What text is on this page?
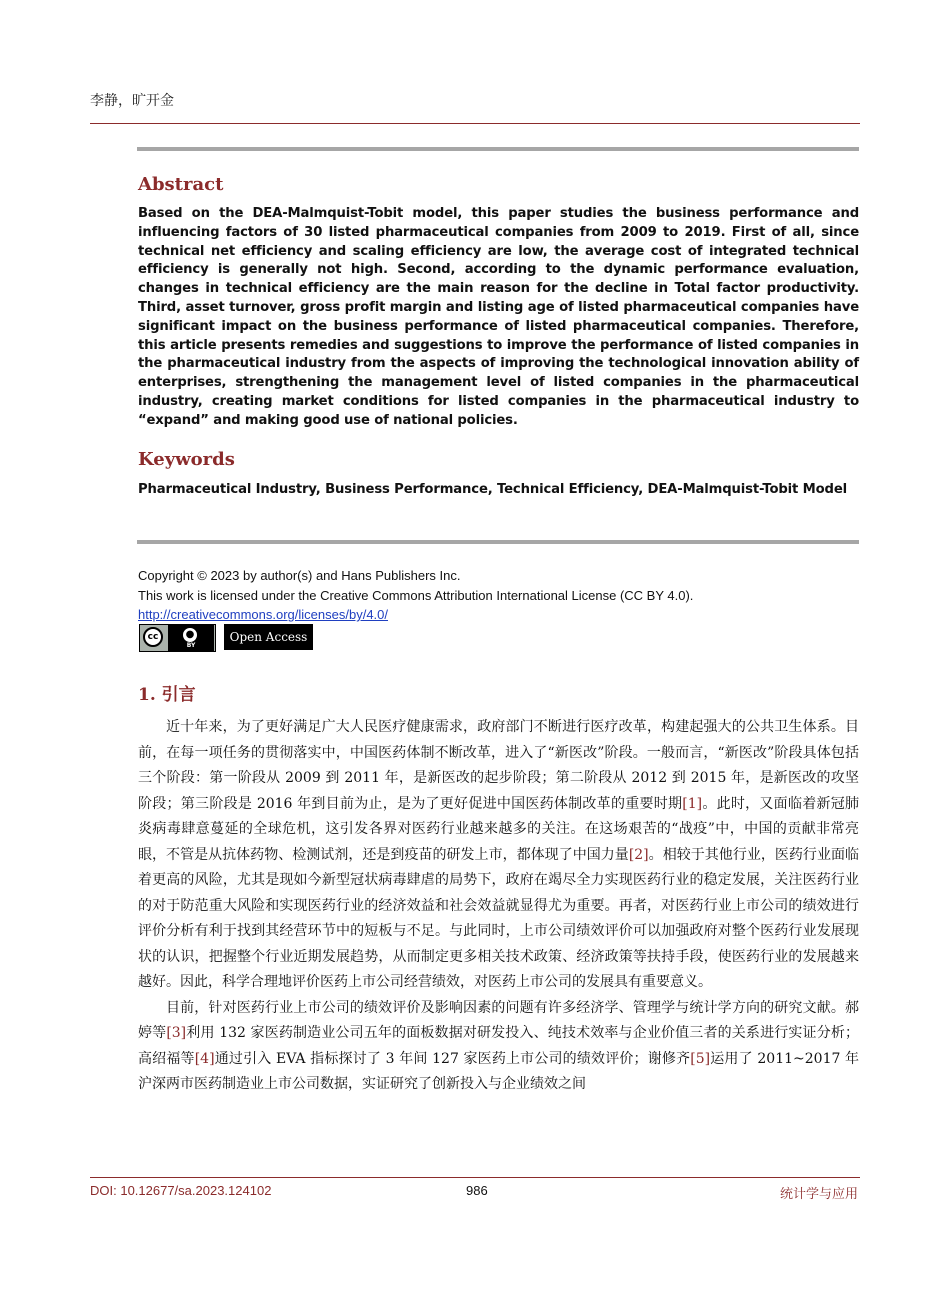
李静，旷开金
Abstract
Based on the DEA-Malmquist-Tobit model, this paper studies the business performance and influencing factors of 30 listed pharmaceutical companies from 2009 to 2019. First of all, since technical net efficiency and scaling efficiency are low, the average cost of integrated technical efficiency is generally not high. Second, according to the dynamic performance evaluation, changes in technical efficiency are the main reason for the decline in Total factor productivity. Third, asset turnover, gross profit margin and listing age of listed pharmaceutical companies have significant impact on the business performance of listed pharmaceutical companies. Therefore, this article presents remedies and suggestions to improve the performance of listed companies in the pharmaceutical industry from the aspects of improving the technological innovation ability of enterprises, strengthening the management level of listed companies in the pharmaceutical industry, creating market conditions for listed companies in the pharmaceutical industry to “expand” and making good use of national policies.
Keywords
Pharmaceutical Industry, Business Performance, Technical Efficiency, DEA-Malmquist-Tobit Model
Copyright © 2023 by author(s) and Hans Publishers Inc.
This work is licensed under the Creative Commons Attribution International License (CC BY 4.0).
http://creativecommons.org/licenses/by/4.0/
cc	●
BY
Open Access
1. 引言

近十年来，为了更好满足广大人民医疗健康需求，政府部门不断进行医疗改革，构建起强大的公共卫生体系。目前，在每一项任务的贯彻落实中，中国医药体制不断改革，进入了“新医改”阶段。一般而言，“新医改”阶段具体包括三个阶段：第一阶段从 2009 到 2011 年，是新医改的起步阶段；第二阶段从 2012 到 2015 年，是新医改的攻坚阶段；第三阶段是 2016 年到目前为止，是为了更好促进中国医药体制改革的重要时期[1]。此时，又面临着新冠肺炎病毒肆意蔓延的全球危机，这引发各界对医药行业越来越多的关注。在这场艰苦的“战疫”中，中国的贡献非常亮眼，不管是从抗体药物、检测试剂，还是到疫苗的研发上市，都体现了中国力量[2]。相较于其他行业，医药行业面临着更高的风险，尤其是现如今新型冠状病毒肆虐的局势下，政府在竭尽全力实现医药行业的稳定发展，关注医药行业的对于防范重大风险和实现医药行业的经济效益和社会效益就显得尤为重要。再者，对医药行业上市公司的绩效进行评价分析有利于找到其经营环节中的短板与不足。与此同时，上市公司绩效评价可以加强政府对整个医药行业发展现状的认识，把握整个行业近期发展趋势，从而制定更多相关技术政策、经济政策等扶持手段，使医药行业的发展越来越好。因此，科学合理地评价医药上市公司经营绩效，对医药上市公司的发展具有重要意义。

目前，针对医药行业上市公司的绩效评价及影响因素的问题有许多经济学、管理学与统计学方向的研究文献。郝婷等[3]利用 132 家医药制造业公司五年的面板数据对研发投入、纯技术效率与企业价值三者的关系进行实证分析；高绍福等[4]通过引入 EVA 指标探讨了 3 年间 127 家医药上市公司的绩效评价；谢修齐[5]运用了 2011~2017 年沪深两市医药制造业上市公司数据，实证研究了创新投入与企业绩效之间

DOI: 10.12677/sa.2023.124102	986	统计学与应用
